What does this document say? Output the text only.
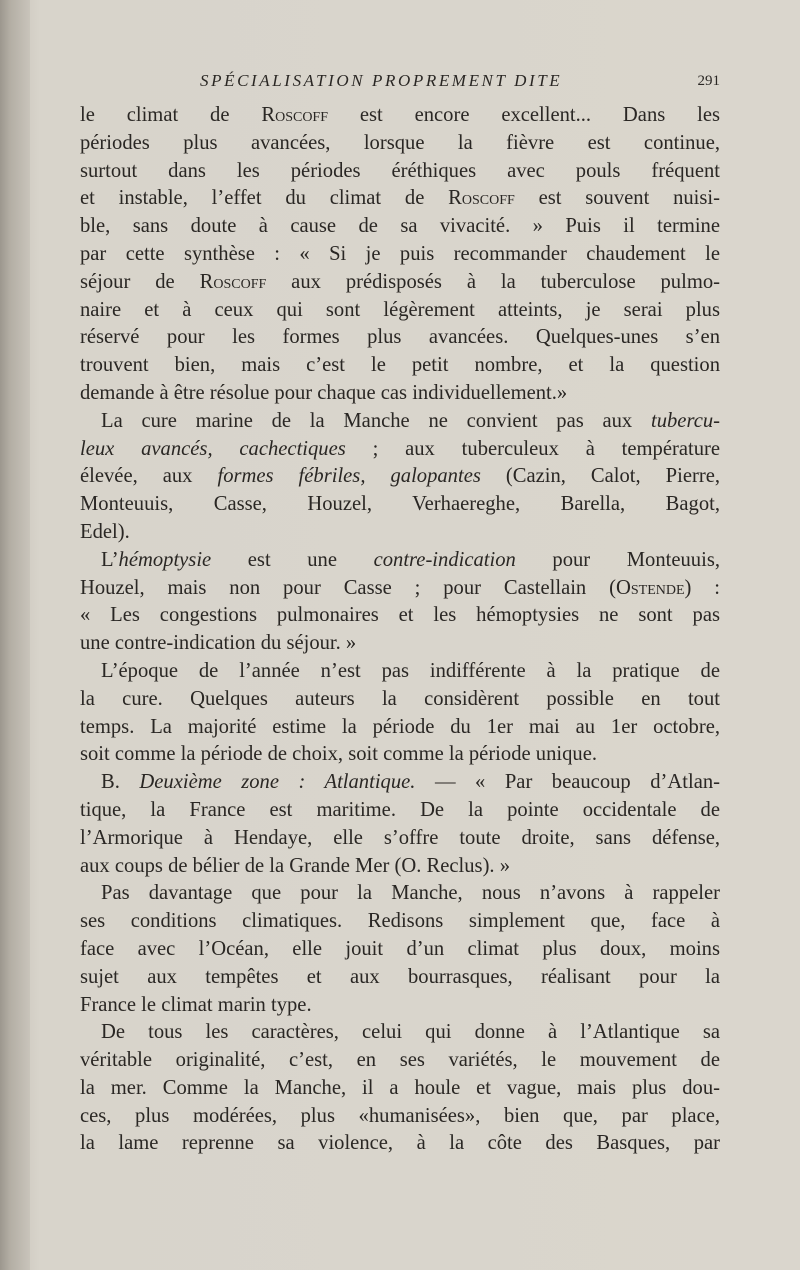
SPÉCIALISATION PROPREMENT DITE	291
le climat de Roscoff est encore excellent... Dans les
périodes plus avancées, lorsque la fièvre est continue,
surtout dans les périodes éréthiques avec pouls fréquent
et instable, l’effet du climat de Roscoff est souvent nuisi-
ble, sans doute à cause de sa vivacité. » Puis il termine
par cette synthèse : « Si je puis recommander chaudement le
séjour de Roscoff aux prédisposés à la tuberculose pulmo-
naire et à ceux qui sont légèrement atteints, je serai plus
réservé pour les formes plus avancées. Quelques-unes s’en
trouvent bien, mais c’est le petit nombre, et la question
demande à être résolue pour chaque cas individuellement.»
La cure marine de la Manche ne convient pas aux tubercu-
leux avancés, cachectiques ; aux tuberculeux à température
élevée, aux formes fébriles, galopantes (Cazin, Calot, Pierre,
Monteuuis, Casse, Houzel, Verhaereghe, Barella, Bagot,
Edel).
L’hémoptysie est une contre-indication pour Monteuuis,
Houzel, mais non pour Casse ; pour Castellain (Ostende) :
« Les congestions pulmonaires et les hémoptysies ne sont pas
une contre-indication du séjour. »
L’époque de l’année n’est pas indifférente à la pratique de
la cure. Quelques auteurs la considèrent possible en tout
temps. La majorité estime la période du 1er mai au 1er octobre,
soit comme la période de choix, soit comme la période unique.
B. Deuxième zone : Atlantique. — « Par beaucoup d’Atlan-
tique, la France est maritime. De la pointe occidentale de
l’Armorique à Hendaye, elle s’offre toute droite, sans défense,
aux coups de bélier de la Grande Mer (O. Reclus). »
Pas davantage que pour la Manche, nous n’avons à rappeler
ses conditions climatiques. Redisons simplement que, face à
face avec l’Océan, elle jouit d’un climat plus doux, moins
sujet aux tempêtes et aux bourrasques, réalisant pour la
France le climat marin type.
De tous les caractères, celui qui donne à l’Atlantique sa
véritable originalité, c’est, en ses variétés, le mouvement de
la mer. Comme la Manche, il a houle et vague, mais plus dou-
ces, plus modérées, plus «humanisées», bien que, par place,
la lame reprenne sa violence, à la côte des Basques, par
